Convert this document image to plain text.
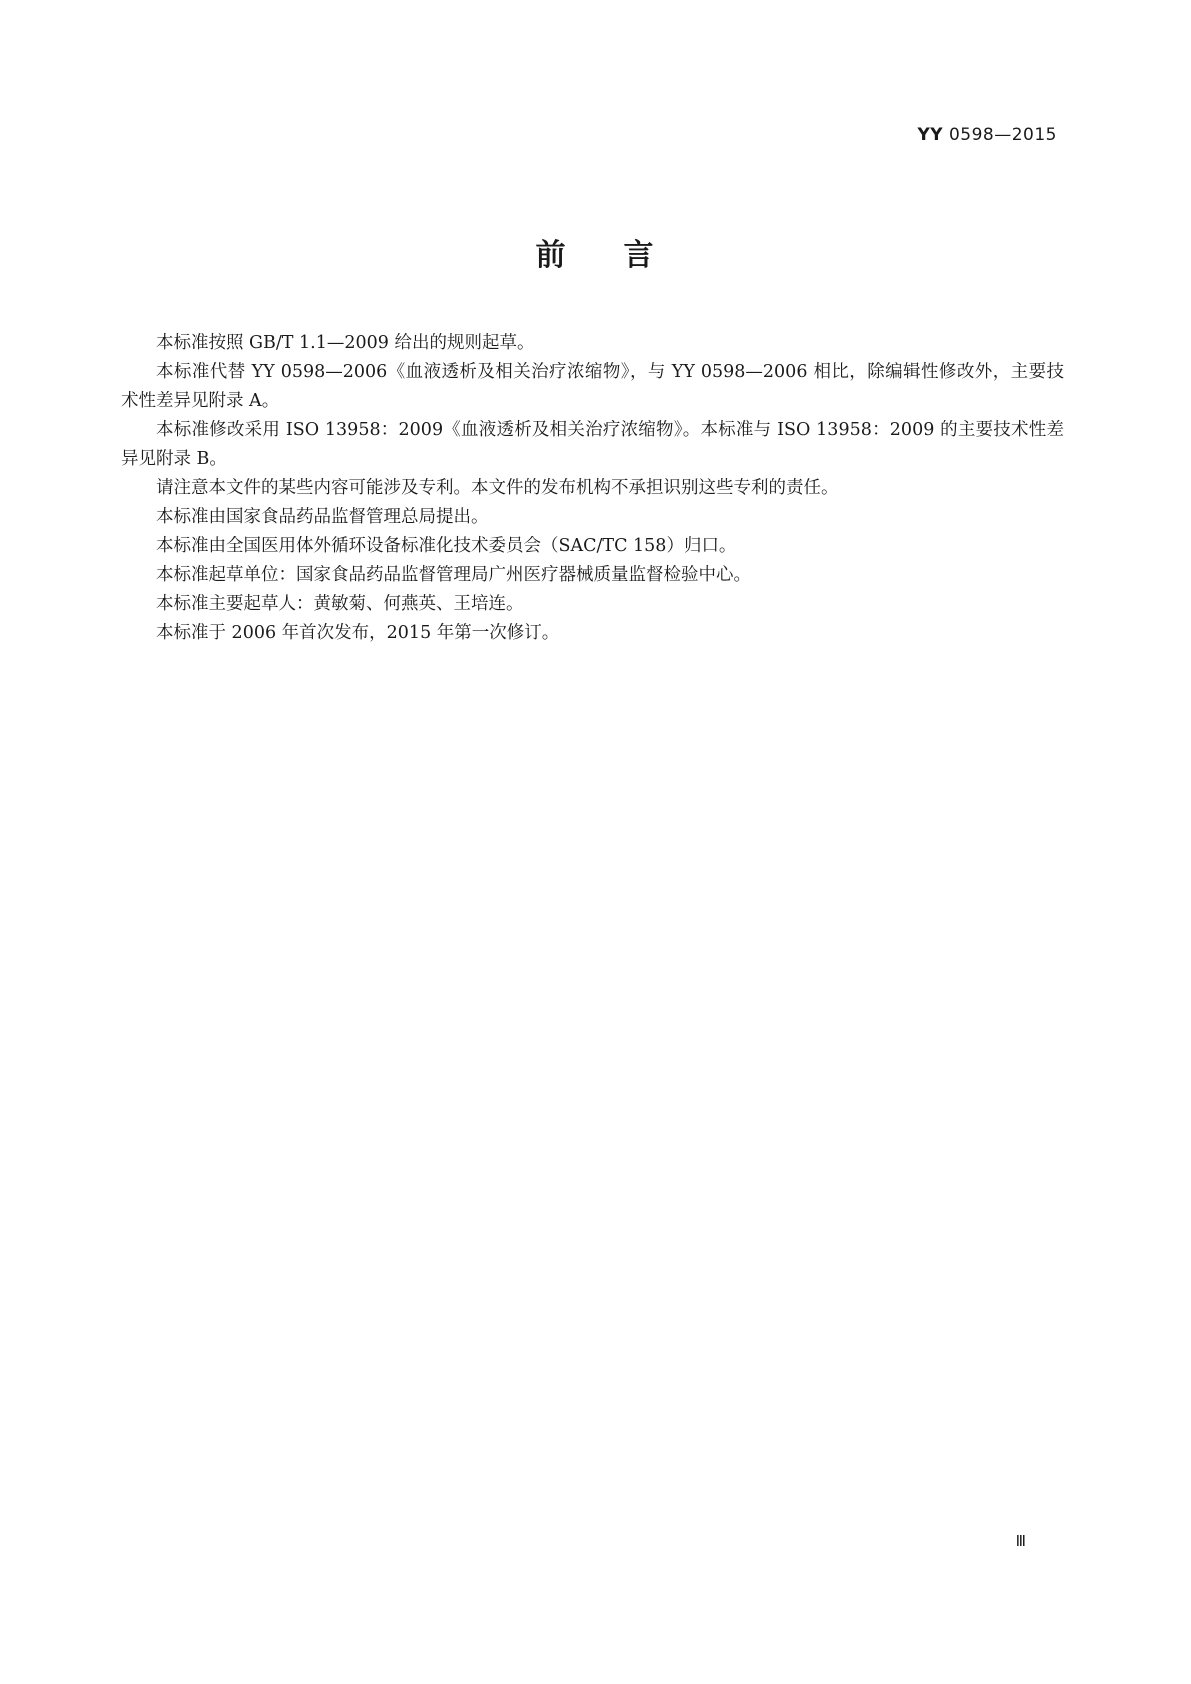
YY 0598—2015
前 言

本标准按照 GB/T 1.1—2009 给出的规则起草。

本标准代替 YY 0598—2006《血液透析及相关治疗浓缩物》，与 YY 0598—2006 相比，除编辑性修改外，主要技术性差异见附录 A。

本标准修改采用 ISO 13958：2009《血液透析及相关治疗浓缩物》。本标准与 ISO 13958：2009 的主要技术性差异见附录 B。

请注意本文件的某些内容可能涉及专利。本文件的发布机构不承担识别这些专利的责任。

本标准由国家食品药品监督管理总局提出。

本标准由全国医用体外循环设备标准化技术委员会（SAC/TC 158）归口。

本标准起草单位：国家食品药品监督管理局广州医疗器械质量监督检验中心。

本标准主要起草人：黄敏菊、何燕英、王培连。

本标准于 2006 年首次发布，2015 年第一次修订。

Ⅲ
